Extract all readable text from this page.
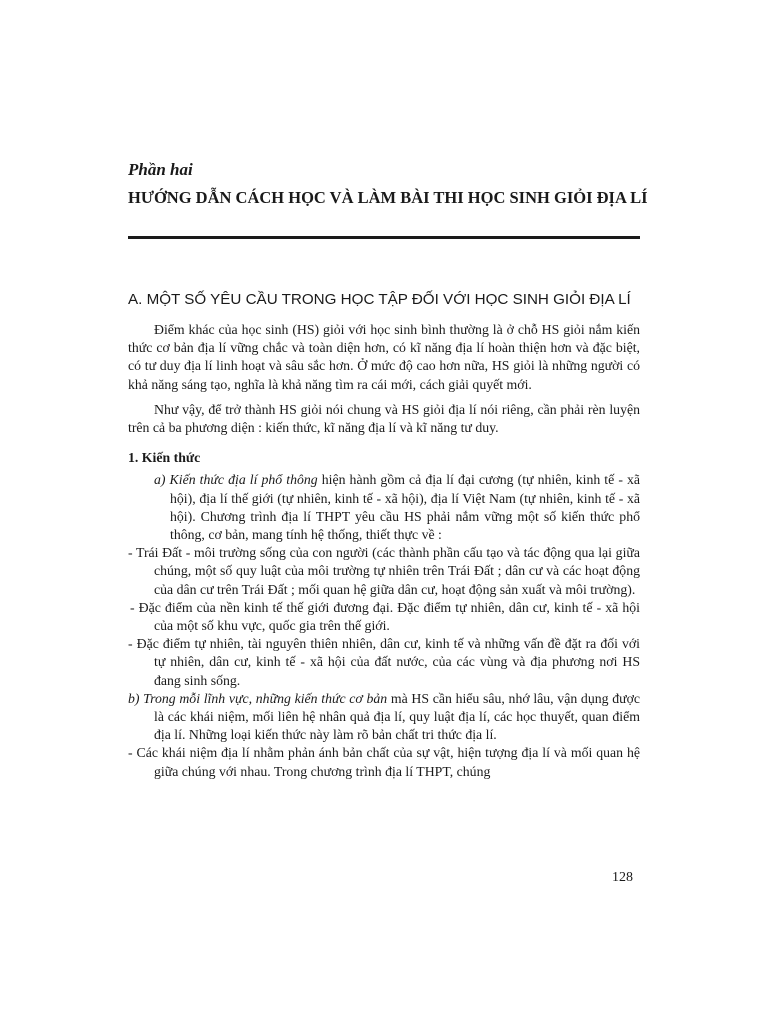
Phần hai
HƯỚNG DẪN CÁCH HỌC VÀ LÀM BÀI THI HỌC SINH GIỎI ĐỊA LÍ
A. MỘT SỐ YÊU CẦU TRONG HỌC TẬP ĐỐI VỚI HỌC SINH GIỎI ĐỊA LÍ

Điểm khác của học sinh (HS) giỏi với học sinh bình thường là ở chỗ HS giỏi nắm kiến thức cơ bản địa lí vững chắc và toàn diện hơn, có kĩ năng địa lí hoàn thiện hơn và đặc biệt, có tư duy địa lí linh hoạt và sâu sắc hơn. Ở mức độ cao hơn nữa, HS giỏi là những người có khả năng sáng tạo, nghĩa là khả năng tìm ra cái mới, cách giải quyết mới.

Như vậy, để trở thành HS giỏi nói chung và HS giỏi địa lí nói riêng, cần phải rèn luyện trên cả ba phương diện : kiến thức, kĩ năng địa lí và kĩ năng tư duy.

1. Kiến thức

a) Kiến thức địa lí phổ thông hiện hành gồm cả địa lí đại cương (tự nhiên, kinh tế - xã hội), địa lí thế giới (tự nhiên, kinh tế - xã hội), địa lí Việt Nam (tự nhiên, kinh tế - xã hội). Chương trình địa lí THPT yêu cầu HS phải nắm vững một số kiến thức phổ thông, cơ bản, mang tính hệ thống, thiết thực về :

- Trái Đất - môi trường sống của con người (các thành phần cấu tạo và tác động qua lại giữa chúng, một số quy luật của môi trường tự nhiên trên Trái Đất ; dân cư và các hoạt động của dân cư trên Trái Đất ; mối quan hệ giữa dân cư, hoạt động sản xuất và môi trường).

- Đặc điểm của nền kinh tế thế giới đương đại. Đặc điểm tự nhiên, dân cư, kinh tế - xã hội của một số khu vực, quốc gia trên thế giới.

- Đặc điểm tự nhiên, tài nguyên thiên nhiên, dân cư, kinh tế và những vấn đề đặt ra đối với tự nhiên, dân cư, kinh tế - xã hội của đất nước, của các vùng và địa phương nơi HS đang sinh sống.

b) Trong mỗi lĩnh vực, những kiến thức cơ bản mà HS cần hiểu sâu, nhớ lâu, vận dụng được là các khái niệm, mối liên hệ nhân quả địa lí, quy luật địa lí, các học thuyết, quan điểm địa lí. Những loại kiến thức này làm rõ bản chất tri thức địa lí.

- Các khái niệm địa lí nhằm phản ánh bản chất của sự vật, hiện tượng địa lí và mối quan hệ giữa chúng với nhau. Trong chương trình địa lí THPT, chúng

128
